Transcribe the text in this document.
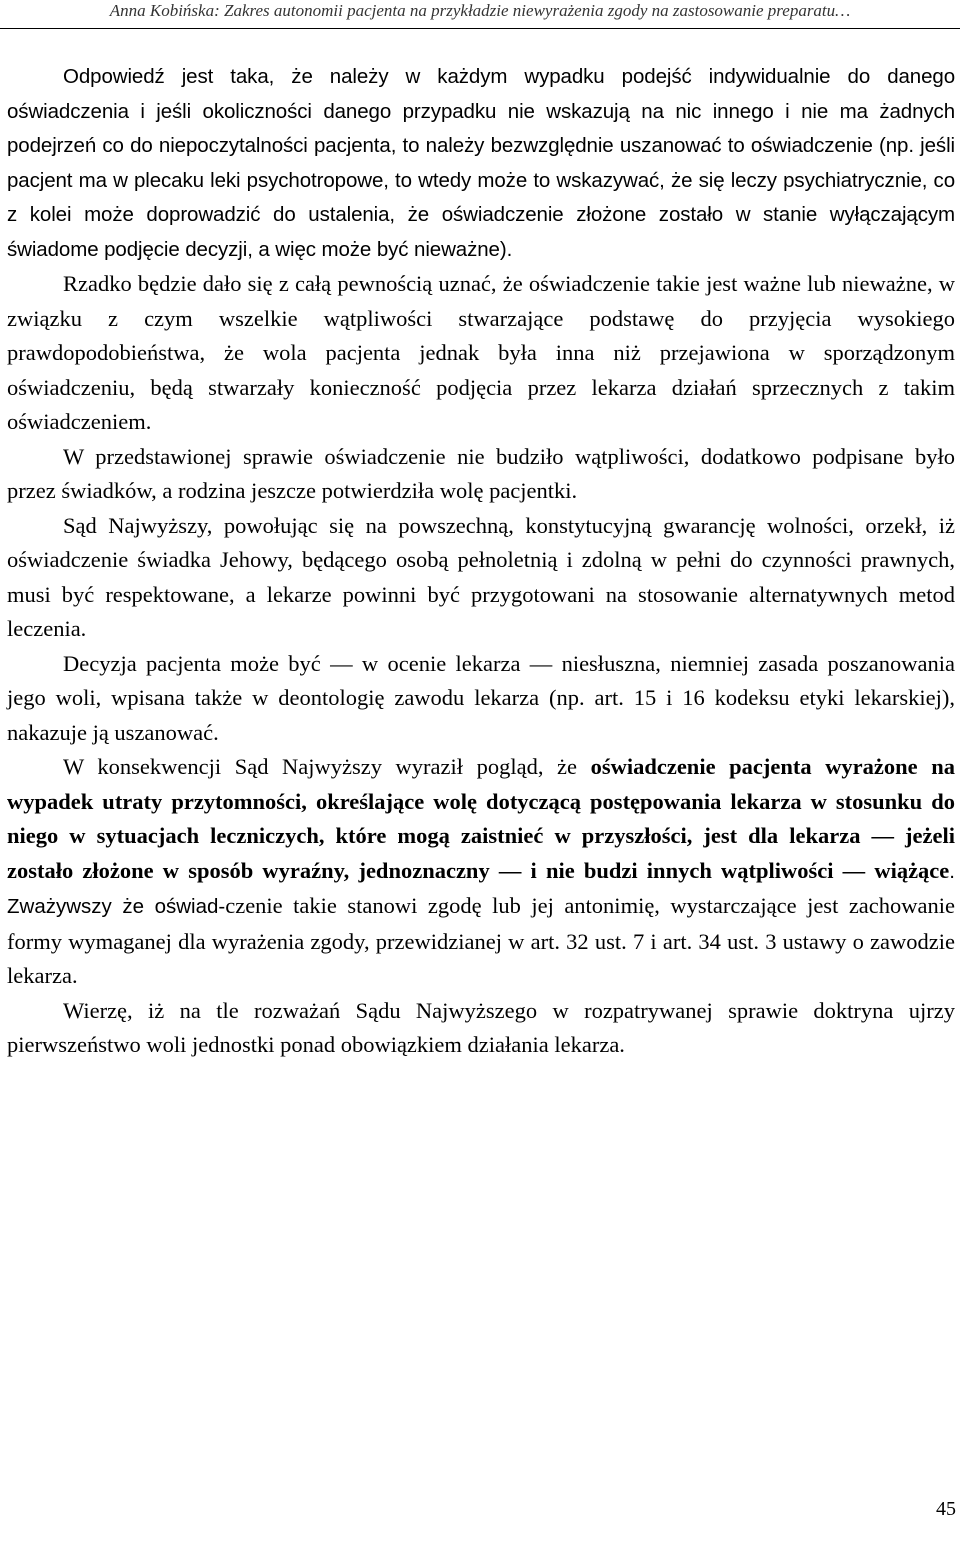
Anna Kobińska: Zakres autonomii pacjenta na przykładzie niewyrażenia zgody na zastosowanie preparatu…

Odpowiedź jest taka, że należy w każdym wypadku podejść indywidualnie do danego oświadczenia i jeśli okoliczności danego przypadku nie wskazują na nic innego i nie ma żadnych podejrzeń co do niepoczytalności pacjenta, to należy bezwzględnie uszanować to oświadczenie (np. jeśli pacjent ma w plecaku leki psychotropowe, to wtedy może to wskazywać, że się leczy psychiatrycznie, co z kolei może doprowadzić do ustalenia, że oświadczenie złożone zostało w stanie wyłączającym świadome podjęcie decyzji, a więc może być nieważne).

Rzadko będzie dało się z całą pewnością uznać, że oświadczenie takie jest ważne lub nieważne, w związku z czym wszelkie wątpliwości stwarzające podstawę do przyjęcia wysokiego prawdopodobieństwa, że wola pacjenta jednak była inna niż przejawiona w sporządzonym oświadczeniu, będą stwarzały konieczność podjęcia przez lekarza działań sprzecznych z takim oświadczeniem.

W przedstawionej sprawie oświadczenie nie budziło wątpliwości, dodatkowo podpisane było przez świadków, a rodzina jeszcze potwierdziła wolę pacjentki.

Sąd Najwyższy, powołując się na powszechną, konstytucyjną gwarancję wolności, orzekł, iż oświadczenie świadka Jehowy, będącego osobą pełnoletnią i zdolną w pełni do czynności prawnych, musi być respektowane, a lekarze powinni być przygotowani na stosowanie alternatywnych metod leczenia.

Decyzja pacjenta może być — w ocenie lekarza — niesłuszna, niemniej zasada poszanowania jego woli, wpisana także w deontologię zawodu lekarza (np. art. 15 i 16 kodeksu etyki lekarskiej), nakazuje ją uszanować.

W konsekwencji Sąd Najwyższy wyraził pogląd, że oświadczenie pacjenta wyrażone na wypadek utraty przytomności, określające wolę dotyczącą postępowania lekarza w stosunku do niego w sytuacjach leczniczych, które mogą zaistnieć w przyszłości, jest dla lekarza — jeżeli zostało złożone w sposób wyraźny, jednoznaczny — i nie budzi innych wątpliwości — wiążące. Zważywszy że oświad-czenie takie stanowi zgodę lub jej antonimię, wystarczające jest zachowanie formy wymaganej dla wyrażenia zgody, przewidzianej w art. 32 ust. 7 i art. 34 ust. 3 ustawy o zawodzie lekarza.

Wierzę, iż na tle rozważań Sądu Najwyższego w rozpatrywanej sprawie doktryna ujrzy pierwszeństwo woli jednostki ponad obowiązkiem działania lekarza.

45
